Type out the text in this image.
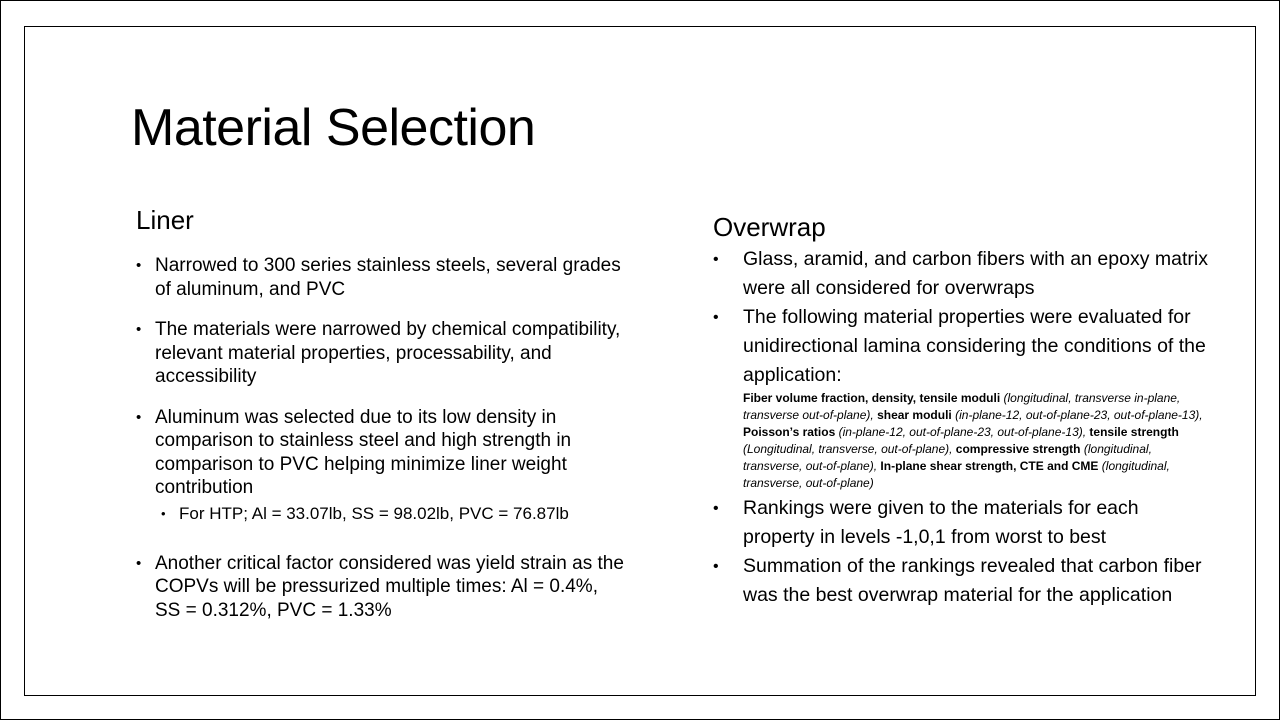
Material Selection
Liner
• Narrowed to 300 series stainless steels, several grades of aluminum, and PVC
• The materials were narrowed by chemical compatibility, relevant material properties, processability, and accessibility
• Aluminum was selected due to its low density in comparison to stainless steel and high strength in comparison to PVC helping minimize liner weight contribution
• For HTP; Al = 33.07lb, SS = 98.02lb, PVC = 76.87lb
• Another critical factor considered was yield strain as the COPVs will be pressurized multiple times: Al = 0.4%, SS = 0.312%, PVC = 1.33%
Overwrap
• Glass, aramid, and carbon fibers with an epoxy matrix were all considered for overwraps
• The following material properties were evaluated for unidirectional lamina considering the conditions of the application:
Fiber volume fraction, density, tensile moduli (longitudinal, transverse in-plane, transverse out-of-plane), shear moduli (in-plane-12, out-of-plane-23, out-of-plane-13), Poisson’s ratios (in-plane-12, out-of-plane-23, out-of-plane-13), tensile strength (Longitudinal, transverse, out-of-plane), compressive strength (longitudinal, transverse, out-of-plane), In-plane shear strength, CTE and CME (longitudinal, transverse, out-of-plane)
• Rankings were given to the materials for each property in levels -1,0,1 from worst to best
• Summation of the rankings revealed that carbon fiber was the best overwrap material for the application
